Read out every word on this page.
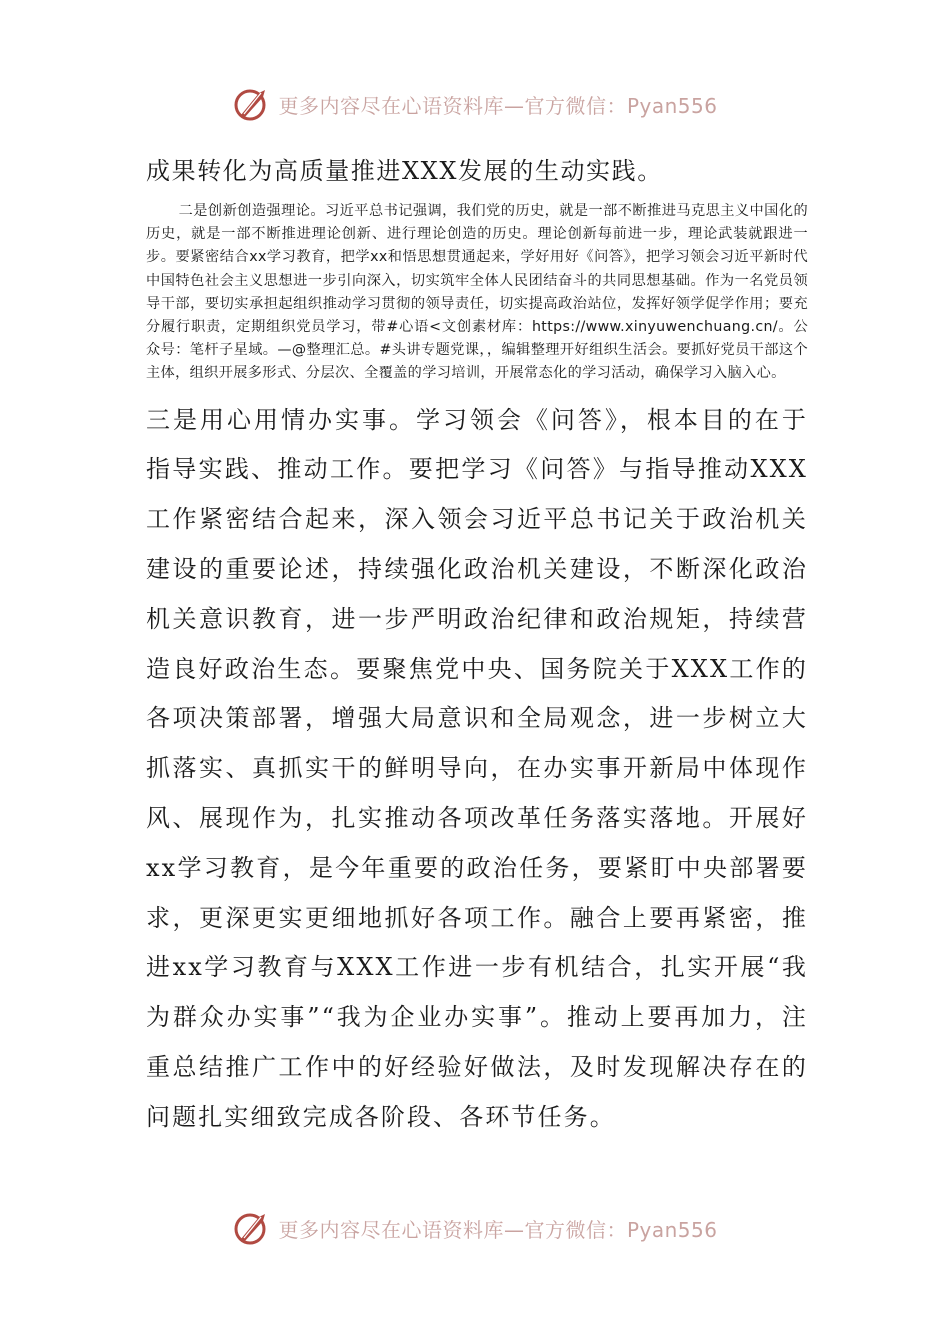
更多内容尽在心语资料库—官方微信：Pyan556

成果转化为高质量推进XXX发展的生动实践。

二是创新创造强理论。习近平总书记强调，我们党的历史，就是一部不断推进马克思主义中国化的历史，就是一部不断推进理论创新、进行理论创造的历史。理论创新每前进一步，理论武装就跟进一步。要紧密结合xx学习教育，把学xx和悟思想贯通起来，学好用好《问答》，把学习领会习近平新时代中国特色社会主义思想进一步引向深入，切实筑牢全体人民团结奋斗的共同思想基础。作为一名党员领导干部，要切实承担起组织推动学习贯彻的领导责任，切实提高政治站位，发挥好领学促学作用；要充分履行职责，定期组织党员学习，带#心语<文创素材库：https://www.xinyuwenchuang.cn/。公众号：笔杆子星域。—@整理汇总。#头讲专题党课，，编辑整理开好组织生活会。要抓好党员干部这个主体，组织开展多形式、分层次、全覆盖的学习培训，开展常态化的学习活动，确保学习入脑入心。

三是用心用情办实事。学习领会《问答》，根本目的在于指导实践、推动工作。要把学习《问答》与指导推动XXX工作紧密结合起来，深入领会习近平总书记关于政治机关建设的重要论述，持续强化政治机关建设，不断深化政治机关意识教育，进一步严明政治纪律和政治规矩，持续营造良好政治生态。要聚焦党中央、国务院关于XXX工作的各项决策部署，增强大局意识和全局观念，进一步树立大抓落实、真抓实干的鲜明导向，在办实事开新局中体现作风、展现作为，扎实推动各项改革任务落实落地。开展好xx学习教育，是今年重要的政治任务，要紧盯中央部署要求，更深更实更细地抓好各项工作。融合上要再紧密，推进xx学习教育与XXX工作进一步有机结合，扎实开展“我为群众办实事”“我为企业办实事”。推动上要再加力，注重总结推广工作中的好经验好做法，及时发现解决存在的问题扎实细致完成各阶段、各环节任务。

更多内容尽在心语资料库—官方微信：Pyan556
